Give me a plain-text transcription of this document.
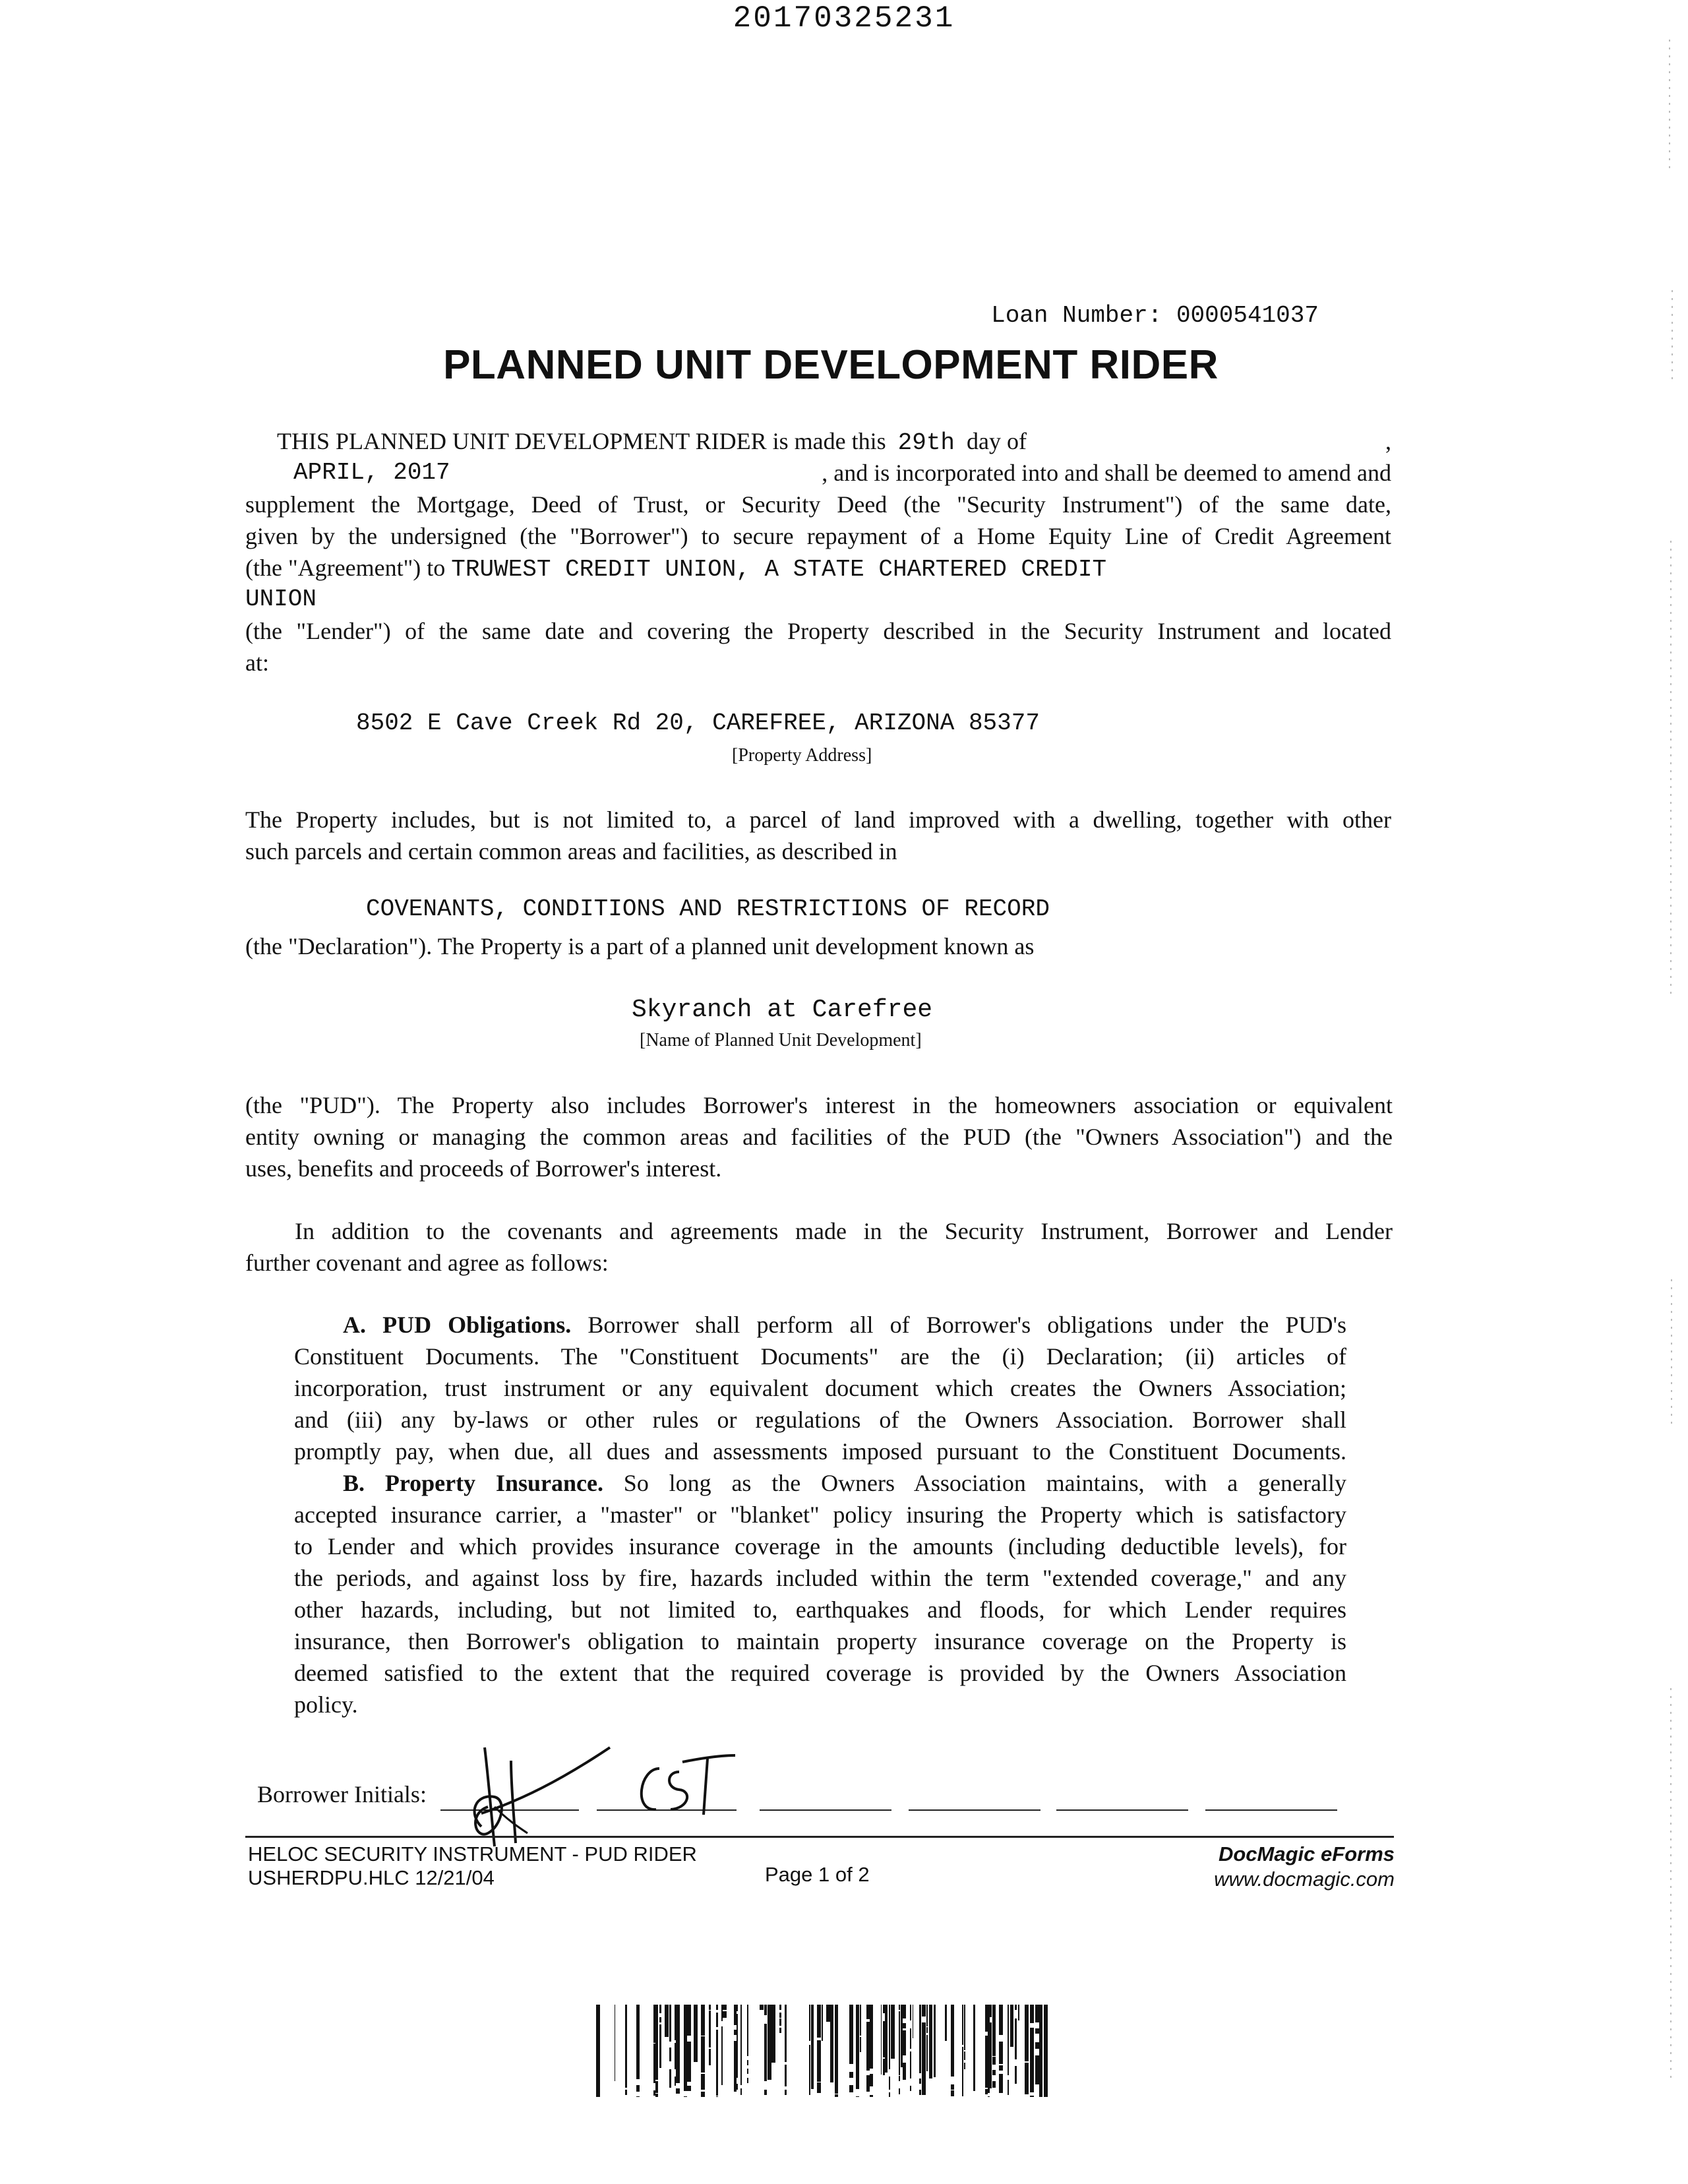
20170325231
Loan Number: 0000541037
PLANNED UNIT DEVELOPMENT RIDER
THIS PLANNED UNIT DEVELOPMENT RIDER is made this 29th day of	,
APRIL, 2017	, and is incorporated into and shall be deemed to amend and
supplement the Mortgage, Deed of Trust, or Security Deed (the "Security Instrument") of the same date,
given by the undersigned (the "Borrower") to secure repayment of a Home Equity Line of Credit Agreement
(the "Agreement") to TRUWEST CREDIT UNION, A STATE CHARTERED CREDIT
UNION
(the "Lender") of the same date and covering the Property described in the Security Instrument and located
at:
8502 E Cave Creek Rd 20, CAREFREE, ARIZONA 85377
[Property Address]
The Property includes, but is not limited to, a parcel of land improved with a dwelling, together with other
such parcels and certain common areas and facilities, as described in
COVENANTS, CONDITIONS AND RESTRICTIONS OF RECORD
(the "Declaration"). The Property is a part of a planned unit development known as
Skyranch at Carefree
[Name of Planned Unit Development]
(the "PUD"). The Property also includes Borrower's interest in the homeowners association or equivalent
entity owning or managing the common areas and facilities of the PUD (the "Owners Association") and the
uses, benefits and proceeds of Borrower's interest.
In addition to the covenants and agreements made in the Security Instrument, Borrower and Lender
further covenant and agree as follows:
A. PUD Obligations. Borrower shall perform all of Borrower's obligations under the PUD's
Constituent Documents. The "Constituent Documents" are the (i) Declaration; (ii) articles of
incorporation, trust instrument or any equivalent document which creates the Owners Association;
and (iii) any by-laws or other rules or regulations of the Owners Association. Borrower shall
promptly pay, when due, all dues and assessments imposed pursuant to the Constituent Documents.
B. Property Insurance. So long as the Owners Association maintains, with a generally
accepted insurance carrier, a "master" or "blanket" policy insuring the Property which is satisfactory
to Lender and which provides insurance coverage in the amounts (including deductible levels), for
the periods, and against loss by fire, hazards included within the term "extended coverage," and any
other hazards, including, but not limited to, earthquakes and floods, for which Lender requires
insurance, then Borrower's obligation to maintain property insurance coverage on the Property is
deemed satisfied to the extent that the required coverage is provided by the Owners Association
policy.
Borrower Initials:
HELOC SECURITY INSTRUMENT - PUD RIDER
USHERDPU.HLC 12/21/04	Page 1 of 2
DocMagic eForms
www.docmagic.com
